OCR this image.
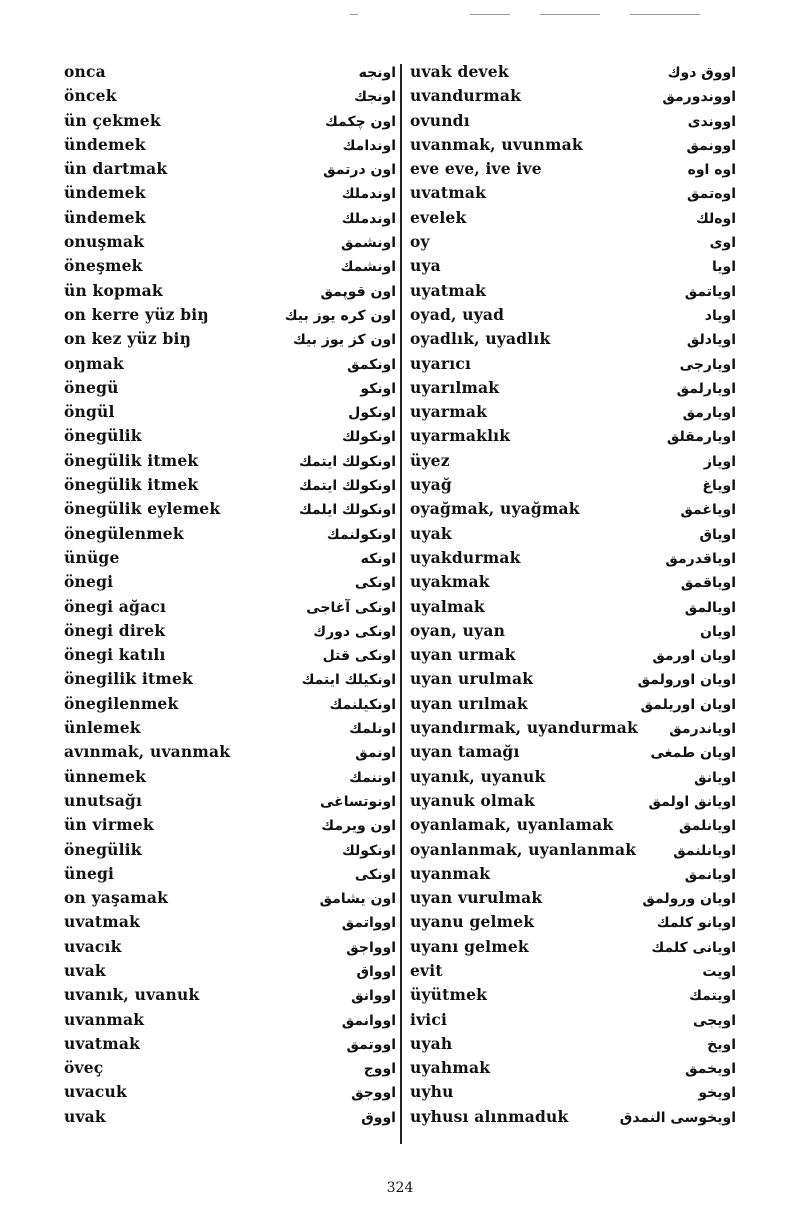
onca	اونجه
öncek	اونجك
ün çekmek	اون چكمك
ündemek	اوندامك
ün dartmak	اون درتمق
ündemek	اوندملك
ündemek	اوندملك
onuşmak	اونشمق
öneşmek	اونشمك
ün kopmak	اون قوپمق
on kerre yüz biŋ	اون كره يوز بيك
on kez yüz biŋ	اون كز يوز بيك
oŋmak	اونكمق
önegü	اونكو
öngül	اونكول
önegülik	اونكولك
önegülik itmek	اونكولك ايتمك
önegülik itmek	اونكولك ايتمك
önegülik eylemek	اونكولك ايلمك
önegülenmek	اونكولنمك
ünüge	اونكه
önegi	اونكى
önegi ağacı	اونكى آغاجى
önegi direk	اونكى دورك
önegi katılı	اونكى قتل
önegilik itmek	اونكيلك ايتمك
önegilenmek	اونكيلنمك
ünlemek	اونلمك
avınmak, uvanmak	اونمق
ünnemek	اوننمك
unutsağı	اونوتساغى
ün virmek	اون ويرمك
önegülik	اونكولك
ünegi	اونكى
on yaşamak	اون يشامق
uvatmak	اوواتمق
uvacık	اوواجق
uvak	اوواق
uvanık, uvanuk	اووانق
uvanmak	اووانمق
uvatmak	اووتمق
öveç	اووج
uvacuk	اووجق
uvak	اووق
uvak devek	اووق دوك
uvandurmak	اووندورمق
ovundı	اووندى
uvanmak, uvunmak	اوونمق
eve eve, ive ive	اوه اوه
uvatmak	اوه‌تمق
evelek	اوه‌لك
oy	اوى
uya	اويا
uyatmak	اوياتمق
oyad, uyad	اوياد
oyadlık, uyadlık	اويادلق
uyarıcı	اويارجى
uyarılmak	اويارلمق
uyarmak	اويارمق
uyarmaklık	اويارمقلق
üyez	اوياز
uyağ	اوياغ
oyağmak, uyağmak	اوياغمق
uyak	اوياق
uyakdurmak	اوياقدرمق
uyakmak	اوياقمق
uyalmak	اويالمق
oyan, uyan	اويان
uyan urmak	اويان اورمق
uyan urulmak	اويان اورولمق
uyan urılmak	اويان اوريلمق
uyandırmak, uyandurmak اوياندرمق
uyan tamağı	اويان طمغى
uyanık, uyanuk	اويانق
uyanuk olmak	اويانق اولمق
oyanlamak, uyanlamak	اويانلمق
oyanlanmak, uyanlanmak	اويانلنمق
uyanmak	اويانمق
uyan vurulmak	اويان ورولمق
uyanu gelmek	اويانو كلمك
uyanı gelmek	اويانى كلمك
evit	اويت
üyütmek	اويتمك
ivici	اويجى
uyah	اويخ
uyahmak	اويخمق
uyhu	اويخو
uyhusı alınmaduk	اويخوسى النمدق
324
